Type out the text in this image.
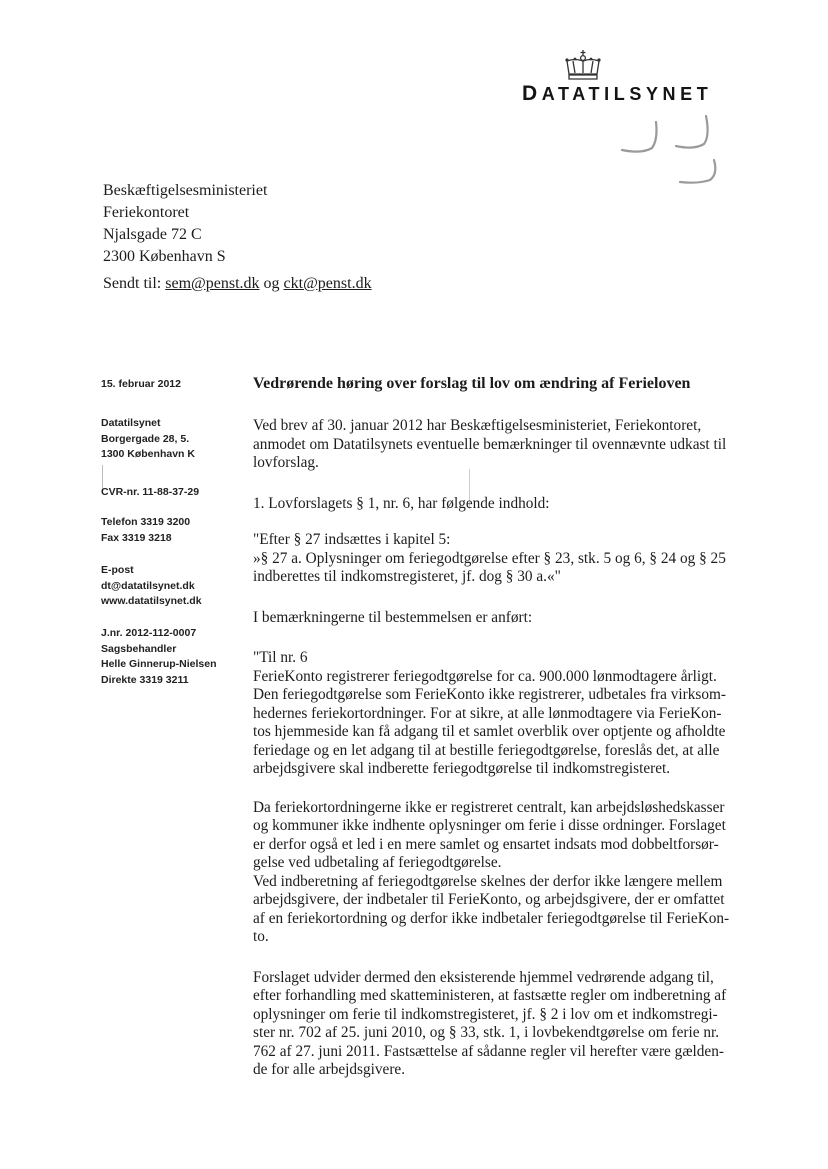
DATATILSYNET
Beskæftigelsesministeriet
Feriekontoret
Njalsgade 72 C
2300 København S
Sendt til: sem@penst.dk og ckt@penst.dk
15. februar 2012
Datatilsynet
Borgergade 28, 5.
1300 København K
CVR-nr. 11-88-37-29
Telefon 3319 3200
Fax 3319 3218
E-post
dt@datatilsynet.dk
www.datatilsynet.dk
J.nr. 2012-112-0007
Sagsbehandler
Helle Ginnerup-Nielsen
Direkte 3319 3211
Vedrørende høring over forslag til lov om ændring af Ferieloven

Ved brev af 30. januar 2012 har Beskæftigelsesministeriet, Feriekontoret,

anmodet om Datatilsynets eventuelle bemærkninger til ovennævnte udkast til

lovforslag.

1. Lovforslagets § 1, nr. 6, har følgende indhold:

"Efter § 27 indsættes i kapitel 5:

»§ 27 a. Oplysninger om feriegodtgørelse efter § 23, stk. 5 og 6, § 24 og § 25

indberettes til indkomstregisteret, jf. dog § 30 a.«"

I bemærkningerne til bestemmelsen er anført:

"Til nr. 6

FerieKonto registrerer feriegodtgørelse for ca. 900.000 lønmodtagere årligt.

Den feriegodtgørelse som FerieKonto ikke registrerer, udbetales fra virksom-

hedernes feriekortordninger. For at sikre, at alle lønmodtagere via FerieKon-

tos hjemmeside kan få adgang til et samlet overblik over optjente og afholdte

feriedage og en let adgang til at bestille feriegodtgørelse, foreslås det, at alle

arbejdsgivere skal indberette feriegodtgørelse til indkomstregisteret.

Da feriekortordningerne ikke er registreret centralt, kan arbejdsløshedskasser

og kommuner ikke indhente oplysninger om ferie i disse ordninger. Forslaget

er derfor også et led i en mere samlet og ensartet indsats mod dobbeltforsør-

gelse ved udbetaling af feriegodtgørelse.

Ved indberetning af feriegodtgørelse skelnes der derfor ikke længere mellem

arbejdsgivere, der indbetaler til FerieKonto, og arbejdsgivere, der er omfattet

af en feriekortordning og derfor ikke indbetaler feriegodtgørelse til FerieKon-

to.

Forslaget udvider dermed den eksisterende hjemmel vedrørende adgang til,

efter forhandling med skatteministeren, at fastsætte regler om indberetning af

oplysninger om ferie til indkomstregisteret, jf. § 2 i lov om et indkomstregi-

ster nr. 702 af 25. juni 2010, og § 33, stk. 1, i lovbekendtgørelse om ferie nr.

762 af 27. juni 2011. Fastsættelse af sådanne regler vil herefter være gælden-

de for alle arbejdsgivere.
